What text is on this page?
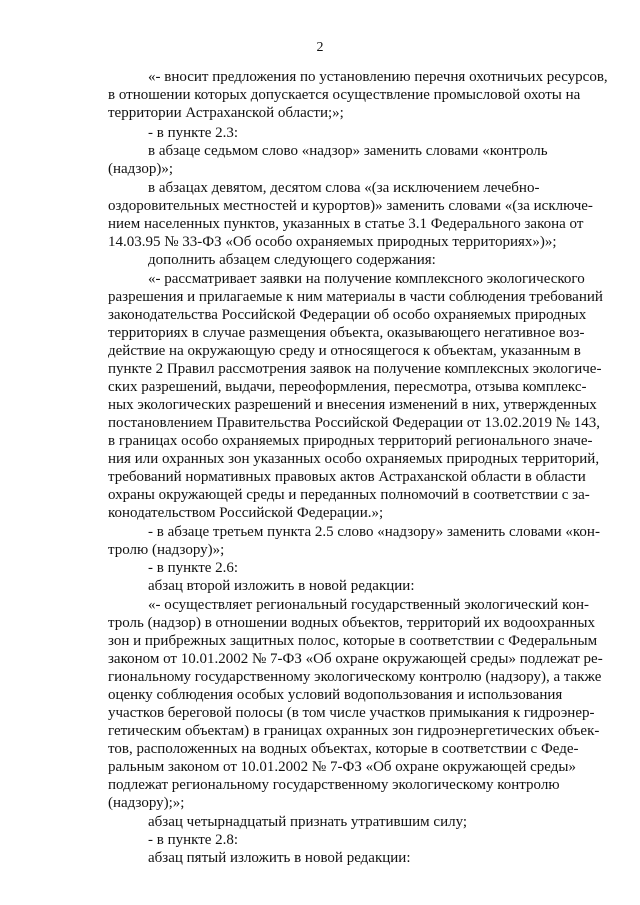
2
«- вносит предложения по установлению перечня охотничьих ресурсов,
в отношении которых допускается осуществление промысловой охоты на
территории Астраханской области;»;
- в пункте 2.3:
в абзаце седьмом слово «надзор» заменить словами «контроль
(надзор)»;
в абзацах девятом, десятом слова «(за исключением лечебно-
оздоровительных местностей и курортов)» заменить словами «(за исключе-
нием населенных пунктов, указанных в статье 3.1 Федерального закона от
14.03.95 № 33-ФЗ «Об особо охраняемых природных территориях»)»;
дополнить абзацем следующего содержания:
«- рассматривает заявки на получение комплексного экологического
разрешения и прилагаемые к ним материалы в части соблюдения требований
законодательства Российской Федерации об особо охраняемых природных
территориях в случае размещения объекта, оказывающего негативное воз-
действие на окружающую среду и относящегося к объектам, указанным в
пункте 2 Правил рассмотрения заявок на получение комплексных экологиче-
ских разрешений, выдачи, переоформления, пересмотра, отзыва комплекс-
ных экологических разрешений и внесения изменений в них, утвержденных
постановлением Правительства Российской Федерации от 13.02.2019 № 143,
в границах особо охраняемых природных территорий регионального значе-
ния или охранных зон указанных особо охраняемых природных территорий,
требований нормативных правовых актов Астраханской области в области
охраны окружающей среды и переданных полномочий в соответствии с за-
конодательством Российской Федерации.»;
- в абзаце третьем пункта 2.5 слово «надзору» заменить словами «кон-
тролю (надзору)»;
- в пункте 2.6:
абзац второй изложить в новой редакции:
«- осуществляет региональный государственный экологический кон-
троль (надзор) в отношении водных объектов, территорий их водоохранных
зон и прибрежных защитных полос, которые в соответствии с Федеральным
законом от 10.01.2002 № 7-ФЗ «Об охране окружающей среды» подлежат ре-
гиональному государственному экологическому контролю (надзору), а также
оценку соблюдения особых условий водопользования и использования
участков береговой полосы (в том числе участков примыкания к гидроэнер-
гетическим объектам) в границах охранных зон гидроэнергетических объек-
тов, расположенных на водных объектах, которые в соответствии с Феде-
ральным законом от 10.01.2002 № 7-ФЗ «Об охране окружающей среды»
подлежат региональному государственному экологическому контролю
(надзору);»;
абзац четырнадцатый признать утратившим силу;
- в пункте 2.8:
абзац пятый изложить в новой редакции:
